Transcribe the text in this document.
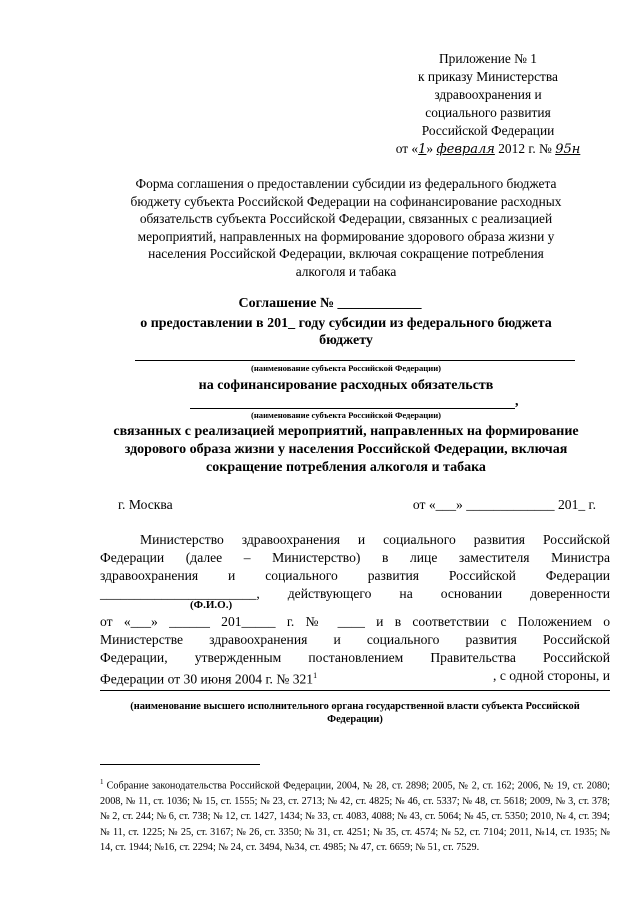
Приложение № 1
к приказу Министерства
здравоохранения и
социального развития
Российской Федерации
от «1» февраля 2012 г. № 95н
Форма соглашения о предоставлении субсидии из федерального бюджета
бюджету субъекта Российской Федерации на софинансирование расходных
обязательств субъекта Российской Федерации, связанных с реализацией
мероприятий, направленных на формирование здорового образа жизни у
населения Российской Федерации, включая сокращение потребления
алкоголя и табака
Соглашение № ____________
о предоставлении в 201_ году субсидии из федерального бюджета
бюджету
(наименование субъекта Российской Федерации)
на софинансирование расходных обязательств
,
(наименование субъекта Российской Федерации)
связанных с реализацией мероприятий, направленных на формирование
здорового образа жизни у населения Российской Федерации, включая
сокращение потребления алкоголя и табака
г. Москва	от «___» _____________ 201_ г.
Министерство здравоохранения и социального развития Российской
Федерации (далее – Министерство) в лице заместителя Министра
здравоохранения и социального развития Российской Федерации
_______________________, действующего на основании доверенности
(Ф.И.О.)
от «___» ______ 201_____ г. № ____ и в соответствии с Положением о
Министерстве здравоохранения и социального развития Российской
Федерации, утвержденным постановлением Правительства Российской
Федерации от 30 июня 2004 г. № $321^1$	, с одной стороны, и
(наименование высшего исполнительного органа государственной власти субъекта Российской
Федерации)
$^1$ Собрание законодательства Российской Федерации, 2004, № 28, ст. 2898; 2005, № 2, ст. 162; 2006, № 19, ст. 2080; 2008, № 11, ст. 1036; № 15, ст. 1555; № 23, ст. 2713; № 42, ст. 4825; № 46, ст. 5337; № 48, ст. 5618; 2009, № 3, ст. 378; № 2, ст. 244; № 6, ст. 738; № 12, ст. 1427, 1434; № 33, ст. 4083, 4088; № 43, ст. 5064; № 45, ст. 5350; 2010, № 4, ст. 394; № 11, ст. 1225; № 25, ст. 3167; № 26, ст. 3350; № 31, ст. 4251; № 35, ст. 4574; № 52, ст. 7104; 2011, №14, ст. 1935; № 14, ст. 1944; №16, ст. 2294; № 24, ст. 3494, №34, ст. 4985; № 47, ст. 6659; № 51, ст. 7529.
